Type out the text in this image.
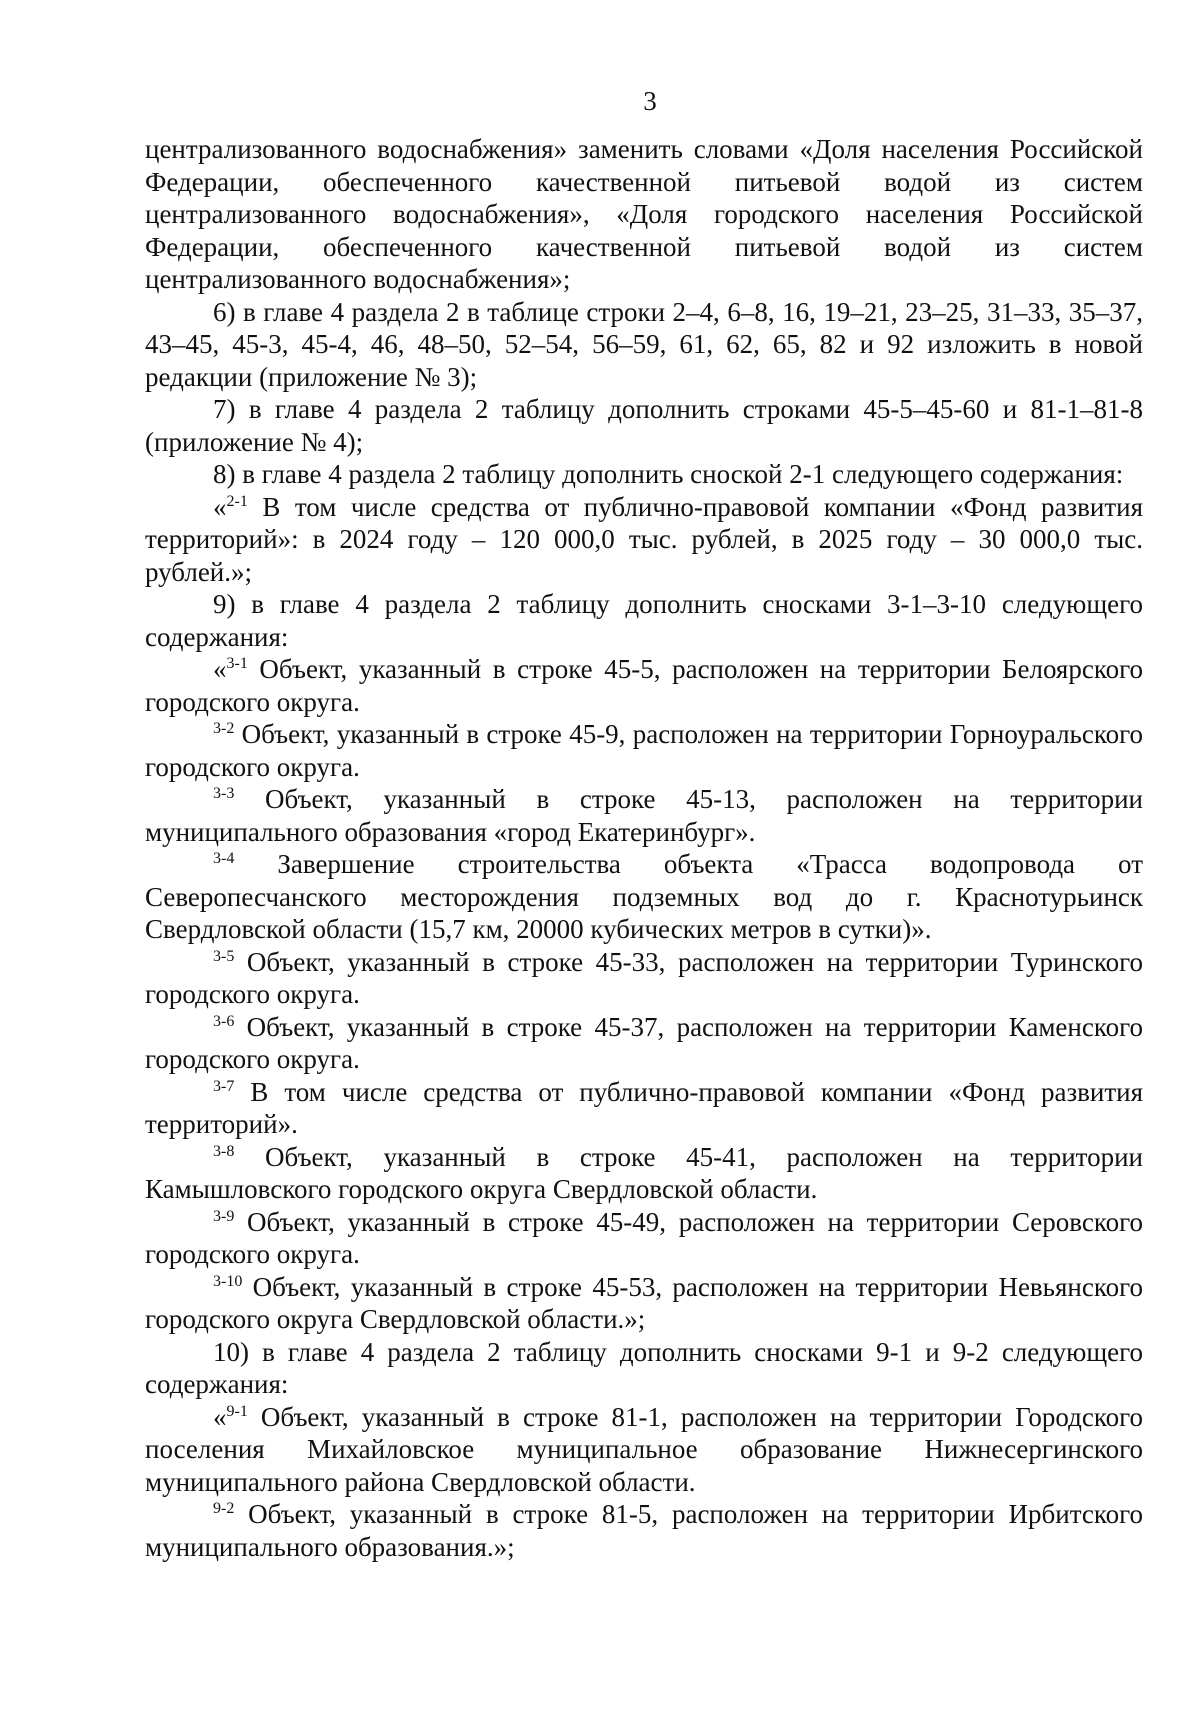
3

централизованного водоснабжения» заменить словами «Доля населения Российской Федерации, обеспеченного качественной питьевой водой из систем централизованного водоснабжения», «Доля городского населения Российской Федерации, обеспеченного качественной питьевой водой из систем централизованного водоснабжения»;

6) в главе 4 раздела 2 в таблице строки 2–4, 6–8, 16, 19–21, 23–25, 31–33, 35–37, 43–45, 45-3, 45-4, 46, 48–50, 52–54, 56–59, 61, 62, 65, 82 и 92 изложить в новой редакции (приложение № 3);

7) в главе 4 раздела 2 таблицу дополнить строками 45-5–45-60 и 81-1–81-8 (приложение № 4);

8) в главе 4 раздела 2 таблицу дополнить сноской 2-1 следующего содержания:

«$^{2-1}$ В том числе средства от публично-правовой компании «Фонд развития территорий»: в 2024 году – 120 000,0 тыс. рублей, в 2025 году – 30 000,0 тыс. рублей.»;

9) в главе 4 раздела 2 таблицу дополнить сносками 3-1–3-10 следующего содержания:

«$^{3-1}$ Объект, указанный в строке 45-5, расположен на территории Белоярского городского округа.

$^{3-2}$ Объект, указанный в строке 45-9, расположен на территории Горноуральского городского округа.

$^{3-3}$ Объект, указанный в строке 45-13, расположен на территории муниципального образования «город Екатеринбург».

$^{3-4}$ Завершение строительства объекта «Трасса водопровода от Северопесчанского месторождения подземных вод до г. Краснотурьинск Свердловской области (15,7 км, 20000 кубических метров в сутки)».

$^{3-5}$ Объект, указанный в строке 45-33, расположен на территории Туринского городского округа.

$^{3-6}$ Объект, указанный в строке 45-37, расположен на территории Каменского городского округа.

$^{3-7}$ В том числе средства от публично-правовой компании «Фонд развития территорий».

$^{3-8}$ Объект, указанный в строке 45-41, расположен на территории Камышловского городского округа Свердловской области.

$^{3-9}$ Объект, указанный в строке 45-49, расположен на территории Серовского городского округа.

$^{3-10}$ Объект, указанный в строке 45-53, расположен на территории Невьянского городского округа Свердловской области.»;

10) в главе 4 раздела 2 таблицу дополнить сносками 9-1 и 9-2 следующего содержания:

«$^{9-1}$ Объект, указанный в строке 81-1, расположен на территории Городского поселения Михайловское муниципальное образование Нижнесергинского муниципального района Свердловской области.

$^{9-2}$ Объект, указанный в строке 81-5, расположен на территории Ирбитского муниципального образования.»;
